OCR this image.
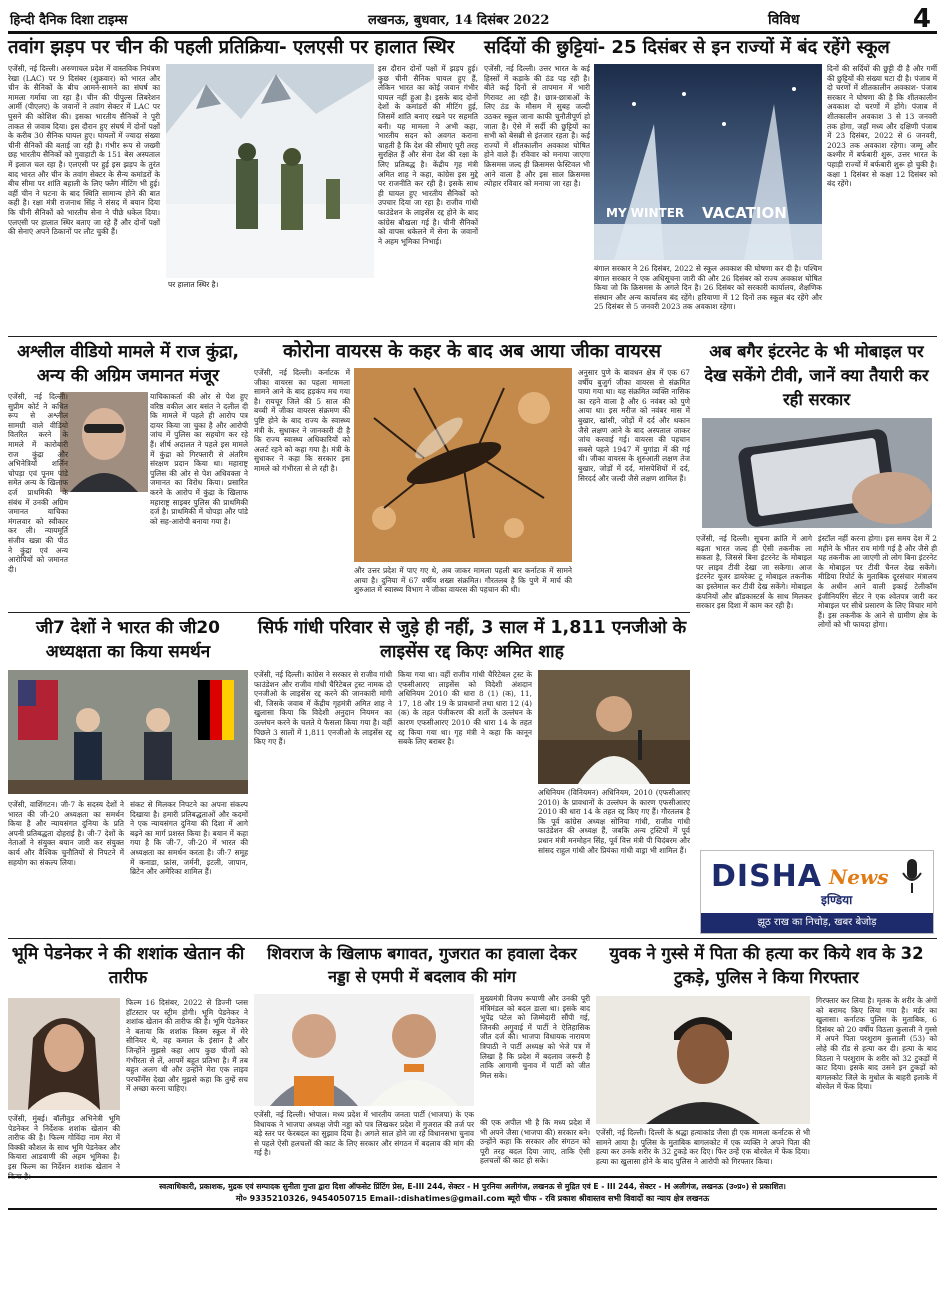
हिन्दी दैनिक दिशा टाइम्स	लखनऊ, बुधवार, 14 दिसंबर 2022	विविध	4
तवांग झड़प पर चीन की पहली प्रतिक्रिया- एलएसी पर हालात स्थिर
एजेंसी, नई दिल्ली। अरुणाचल प्रदेश में वास्तविक नियंत्रण रेखा (LAC) पर 9 दिसंबर (शुक्रवार) को भारत और चीन के सैनिकों के बीच आमने-सामने का संघर्ष का मामला गर्माया जा रहा है। चीन की पीपुल्स लिबरेशन आर्मी (पीएलए) के जवानों ने तवांग सेक्टर में LAC पर घुसने की कोशिश की। इसका भारतीय सैनिकों ने पूरी ताकत से जवाब दिया। इस दौरान हुए संघर्ष में दोनों पक्षों के करीब 30 सैनिक घायल हुए। घायलों में ज्यादा संख्या चीनी सैनिकों की बताई जा रही है। गंभीर रूप से जख्मी छह भारतीय सैनिकों को गुवाहाटी के 151 बेस अस्पताल में इलाज चल रहा है। एलएसी पर हुई इस झड़प के तुरंत बाद भारत और चीन के तवांग सेक्टर के सैन्य कमांडरों के बीच सीमा पर शांति बहाली के लिए फ्लैग मीटिंग भी हुई। वहीं चीन ने घटना के बाद स्थिति सामान्य होने की बात कही है। रक्षा मंत्री राजनाथ सिंह ने संसद में बयान दिया कि चीनी सैनिकों को भारतीय सेना ने पीछे धकेल दिया। एलएसी पर हालात स्थिर बताए जा रहे हैं और दोनों पक्षों की सेनाएं अपने ठिकानों पर लौट चुकी हैं।
पर हालात स्थिर है।
इस दौरान दोनों पक्षों में झड़प हुई। कुछ चीनी सैनिक घायल हुए हैं, लेकिन भारत का कोई जवान गंभीर घायल नहीं हुआ है। इसके बाद दोनों देशों के कमांडरों की मीटिंग हुई, जिसमें शांति बनाए रखने पर सहमति बनी। यह मामला ने अभी कहा, भारतीय सदन को अवगत कराना चाहती है कि देश की सीमाएं पूरी तरह सुरक्षित हैं और सेना देश की रक्षा के लिए प्रतिबद्ध है। केंद्रीय गृह मंत्री अमित शाह ने कहा, कांग्रेस इस मुद्दे पर राजनीति कर रही है। इसके साथ ही घायल हुए भारतीय सैनिकों को उपचार दिया जा रहा है। राजीव गांधी फाउंडेशन के लाइसेंस रद्द होने के बाद कांग्रेस बौखला गई है। चीनी सैनिकों को वापस धकेलने में सेना के जवानों ने अहम भूमिका निभाई।
सर्दियों की छुट्टियां- 25 दिसंबर से इन राज्यों में बंद रहेंगे स्कूल
एजेंसी, नई दिल्ली। उत्तर भारत के कई हिस्सों में कड़ाके की ठंड पड़ रही है। बीते कई दिनों से तापमान में भारी गिरावट आ रही है। छात्र-छात्राओं के लिए ठंड के मौसम में सुबह जल्दी उठकर स्कूल जाना काफी चुनौतीपूर्ण हो जाता है। ऐसे में सर्दी की छुट्टियों का सभी को बेसब्री से इंतजार रहता है। कई राज्यों में शीतकालीन अवकाश घोषित होने वाले हैं। रविवार को मनाया जाएगा क्रिसमस जल्द ही क्रिसमस फेस्टिवल भी आने वाला है और इस साल क्रिसमस त्योहार रविवार को मनाया जा रहा है।
MY WINTER VACATION
बंगाल सरकार ने 26 दिसंबर, 2022 से स्कूल अवकाश की घोषणा कर दी है। पश्चिम बंगाल सरकार ने एक अधिसूचना जारी की और 26 दिसंबर को राज्य अवकाश घोषित किया जो कि क्रिसमस के अगले दिन है। 26 दिसंबर को सरकारी कार्यालय, शैक्षणिक संस्थान और अन्य कार्यालय बंद रहेंगे। हरियाणा में 12 दिनों तक स्कूल बंद रहेंगे और 25 दिसंबर से 5 जनवरी 2023 तक अवकाश रहेगा।
दिनों की सर्दियों की छुट्टी दी है और गर्मी की छुट्टियों की संख्या घटा दी है। पंजाब में दो चरणों में शीतकालीन अवकाश- पंजाब सरकार ने घोषणा की है कि शीतकालीन अवकाश दो चरणों में होंगे। पंजाब में शीतकालीन अवकाश 3 से 13 जनवरी तक होगा, जहाँ मध्य और दक्षिणी पंजाब में 23 दिसंबर, 2022 से 6 जनवरी, 2023 तक अवकाश रहेगा। जम्मू और कश्मीर में बर्फबारी शुरू, उत्तर भारत के पहाड़ी राज्यों में बर्फबारी शुरू हो चुकी है। कक्षा 1 दिसंबर से कक्षा 12 दिसंबर को बंद रहेंगे।
अश्लील वीडियो मामले में राज कुंद्रा, अन्य की अग्रिम जमानत मंजूर
एजेंसी, नई दिल्ली। सुप्रीम कोर्ट ने कथित रूप से अश्लील सामग्री वाले वीडियो वितरित करने के मामले में कारोबारी राज कुंद्रा और अभिनेत्रियों शर्लिन चोपड़ा एवं पूनम पांडे समेत अन्य के खिलाफ दर्ज प्राथमिकी के संबंध में उनकी अग्रिम जमानत याचिका मंगलवार को स्वीकार कर ली। न्यायमूर्ति संजीव खन्ना की पीठ ने कुंद्रा एवं अन्य आरोपियों को जमानत दी।
याचिकाकर्ता की ओर से पेश हुए वरिष्ठ वकील आर बसंत ने दलील दी कि मामले में पहले ही आरोप पत्र दायर किया जा चुका है और आरोपी जांच में पुलिस का सहयोग कर रहे हैं। शीर्ष अदालत ने पहले इस मामले में कुंद्रा को गिरफ्तारी से अंतरिम संरक्षण प्रदान किया था। महाराष्ट्र पुलिस की ओर से पेश अधिवक्ता ने जमानत का विरोध किया। प्रसारित करने के आरोप में कुंद्रा के खिलाफ महाराष्ट्र साइबर पुलिस की प्राथमिकी दर्ज है। प्राथमिकी में चोपड़ा और पांडे को सह-आरोपी बनाया गया है।
कोरोना वायरस के कहर के बाद अब आया जीका वायरस
एजेंसी, नई दिल्ली। कर्नाटक में जीका वायरस का पहला मामला सामने आने के बाद हड़कंप मच गया है। रायचूर जिले की 5 साल की बच्ची में जीका वायरस संक्रमण की पुष्टि होने के बाद राज्य के स्वास्थ्य मंत्री के. सुधाकर ने जानकारी दी है कि राज्य स्वास्थ्य अधिकारियों को अलर्ट रहने को कहा गया है। मंत्री के सुधाकर ने कहा कि सरकार इस मामले को गंभीरता से ले रही है।
और उत्तर प्रदेश में पाए गए थे, अब जाकर मामला पहली बार कर्नाटक में सामने आया है। दुनिया में 67 वर्षीय शख्स संक्रमित। गौरतलब है कि पुणे में मार्च की शुरुआत में स्वास्थ्य विभाग ने जीका वायरस की पहचान की थी।
अनुसार पुणे के बावधन क्षेत्र में एक 67 वर्षीय बुजुर्ग जीका वायरस से संक्रमित पाया गया था। यह संक्रमित व्यक्ति नासिक का रहने वाला है और 6 नवंबर को पुणे आया था। इस मरीज को नवंबर मास में बुखार, खांसी, जोड़ों में दर्द और थकान जैसे लक्षण आने के बाद अस्पताल जाकर जांच करवाई गई। वायरस की पहचान सबसे पहले 1947 में युगांडा में की गई थी। जीका वायरस के शुरुआती लक्षण तेज बुखार, जोड़ों में दर्द, मांसपेशियों में दर्द, सिरदर्द और जल्दी जैसे लक्षण शामिल हैं।
अब बगैर इंटरनेट के भी मोबाइल पर देख सकेंगे टीवी, जानें क्या तैयारी कर रही सरकार
एजेंसी, नई दिल्ली। सूचना क्रांति में आगे बढ़ता भारत जल्द ही ऐसी तकनीक ला सकता है, जिससे बिना इंटरनेट के मोबाइल पर लाइव टीवी देखा जा सकेगा। आज इंटरनेट यूजर डायरेक्ट टू मोबाइल तकनीक का इस्तेमाल कर टीवी देख सकेंगे। मोबाइल कंपनियों और ब्रॉडकास्टर्स के साथ मिलकर सरकार इस दिशा में काम कर रही है।
इंस्टॉल नहीं करना होगा। इस समय देश में 2 महीने के भीतर राय मांगी गई है और जैसे ही यह तकनीक आ जाएगी तो लोग बिना इंटरनेट के मोबाइल पर टीवी चैनल देख सकेंगे। मीडिया रिपोर्ट के मुताबिक दूरसंचार मंत्रालय के अधीन आने वाली इकाई टेलीकॉम इंजीनियरिंग सेंटर ने एक श्वेतपत्र जारी कर मोबाइल पर सीधे प्रसारण के लिए विचार मांगे हैं। इस तकनीक के आने से ग्रामीण क्षेत्र के लोगों को भी फायदा होगा।
जी7 देशों ने भारत की जी20 अध्यक्षता का किया समर्थन
एजेंसी, वाशिंगटन। जी-7 के सदस्य देशों ने भारत की जी-20 अध्यक्षता का समर्थन किया है और न्यायसंगत दुनिया के प्रति अपनी प्रतिबद्धता दोहराई है। जी-7 देशों के नेताओं ने संयुक्त बयान जारी कर संयुक्त कार्य और वैश्विक चुनौतियों से निपटने में सहयोग का संकल्प लिया।
संकट से मिलकर निपटने का अपना संकल्प दिखाया है। हमारी प्रतिबद्धताओं और कदमों ने एक न्यायसंगत दुनिया की दिशा में आगे बढ़ने का मार्ग प्रशस्त किया है। बयान में कहा गया है कि जी-7, जी-20 में भारत की अध्यक्षता का समर्थन करता है। जी-7 समूह में कनाडा, फ्रांस, जर्मनी, इटली, जापान, ब्रिटेन और अमेरिका शामिल हैं।
सिर्फ गांधी परिवार से जुड़े ही नहीं, 3 साल में 1,811 एनजीओ के लाइसेंस रद्द किएः अमित शाह
एजेंसी, नई दिल्ली। कांग्रेस ने सरकार से राजीव गांधी फाउंडेशन और राजीव गांधी चैरिटेबल ट्रस्ट नामक दो एनजीओ के लाइसेंस रद्द करने की जानकारी मांगी थी, जिसके जवाब में केंद्रीय गृहमंत्री अमित शाह ने खुलासा किया कि विदेशी अनुदान नियमन का उल्लंघन करने के चलते ये फैसला किया गया है। वहीं पिछले 3 सालों में 1,811 एनजीओ के लाइसेंस रद्द किए गए हैं।
किया गया था। वहीं राजीव गांधी चैरिटेबल ट्रस्ट के एफसीआरए लाइसेंस को विदेशी अंशदान अधिनियम 2010 की धारा 8 (1) (क), 11, 17, 18 और 19 के प्रावधानों तथा धारा 12 (4) (क) के तहत पंजीकरण की शर्तों के उल्लंघन के कारण एफसीआरए 2010 की धारा 14 के तहत रद्द किया गया था। गृह मंत्री ने कहा कि कानून सबके लिए बराबर है।
अधिनियम (विनियमन) अधिनियम, 2010 (एफसीआरए 2010) के प्रावधानों के उल्लंघन के कारण एफसीआरए 2010 की धारा 14 के तहत रद्द किए गए हैं। गौरतलब है कि पूर्व कांग्रेस अध्यक्ष सोनिया गांधी, राजीव गांधी फाउंडेशन की अध्यक्ष हैं, जबकि अन्य ट्रस्टियों में पूर्व प्रधान मंत्री मनमोहन सिंह, पूर्व वित्त मंत्री पी चिदंबरम और सांसद राहुल गांधी और प्रियंका गांधी वाड्रा भी शामिल हैं।
DISHA News
इण्डिया
झूठ राख का निचोड़, खबर बेजोड़
भूमि पेडनेकर ने की शशांक खेतान की तारीफ
एजेंसी, मुंबई। बॉलीवुड अभिनेत्री भूमि पेडनेकर ने निर्देशक शशांक खेतान की तारीफ की है। फिल्म गोविंदा नाम मेरा में विक्की कौशल के साथ भूमि पेडनेकर और कियारा आडवाणी की अहम भूमिका है। इस फिल्म का निर्देशन शशांक खेतान ने किया है।
फिल्म 16 दिसंबर, 2022 से डिज्नी प्लस हॉटस्टार पर स्ट्रीम होगी। भूमि पेडनेकर ने शशांक खेतान की तारीफ की है। भूमि पेडनेकर ने बताया कि शशांक किस्म स्कूल में मेरे सीनियर थे, वह कमाल के इंसान है और जिन्होंने मुझसे कहा आप कुछ चीजों को गंभीरता से लें, आपमें बहुत प्रतिभा है। मैं तब बहुत अलग थी और उन्होंने मेरा एक लाइव परफॉर्मेंस देखा और मुझसे कहा कि तुम्हें सच में अच्छा करना चाहिए।
शिवराज के खिलाफ बगावत, गुजरात का हवाला देकर नड्डा से एमपी में बदलाव की मांग
एजेंसी, नई दिल्ली। भोपाल। मध्य प्रदेश में भारतीय जनता पार्टी (भाजपा) के एक विधायक ने भाजपा अध्यक्ष जेपी नड्डा को पत्र लिखकर प्रदेश में गुजरात की तर्ज पर बड़े स्तर पर फेरबदल का सुझाव दिया है। अगले साल होने जा रहे विधानसभा चुनाव से पहले ऐसी हलचलों की काट के लिए सरकार और संगठन में बदलाव की मांग की गई है।
मुख्यमंत्री विजय रूपाणी और उनकी पूरी मंत्रिमंडल को बदल डाला था। इसके बाद भूपेंद्र पटेल को जिम्मेदारी सौंपी गई, जिनकी अगुवाई में पार्टी ने ऐतिहासिक जीत दर्ज की। भाजपा विधायक नारायण त्रिपाठी ने पार्टी अध्यक्ष को भेजे पत्र में लिखा है कि प्रदेश में बदलाव जरूरी है ताकि आगामी चुनाव में पार्टी को जीत मिल सके।
की एक अपील भी है कि मध्य प्रदेश में भी अपने जैसा (भाजपा की) सरकार बने। उन्होंने कहा कि सरकार और संगठन को पूरी तरह बदल दिया जाए, ताकि ऐसी हलचलों की काट हो सके।
युवक ने गुस्से में पिता की हत्या कर किये शव के 32 टुकड़े, पुलिस ने किया गिरफ्तार
एजेंसी, नई दिल्ली। दिल्ली के श्रद्धा हत्याकांड जैसा ही एक मामला कर्नाटक से भी सामने आया है। पुलिस के मुताबिक बागलकोट में एक व्यक्ति ने अपने पिता की हत्या कर उनके शरीर के 32 टुकड़े कर दिए। फिर उन्हें एक बोरवेल में फेंक दिया। हत्या का खुलासा होने के बाद पुलिस ने आरोपी को गिरफ्तार किया।
गिरफ्तार कर लिया है। मृतक के शरीर के अंगों को बरामद किए लिया गया है। मर्डर का खुलासा। कर्नाटक पुलिस के मुताबिक, 6 दिसंबर को 20 वर्षीय विठला कुलाली ने गुस्से में अपने पिता परशुराम कुलाली (53) को लोहे की रॉड से हत्या कर दी। हत्या के बाद विठला ने परशुराम के शरीर को 32 टुकड़ों में काट दिया। इसके बाद उसने इन टुकड़ों को बागलकोट जिले के मुधोल के बाहरी इलाके में बोरवेल में फेंक दिया।
स्वत्वाधिकारी, प्रकाशक, मुद्रक एवं सम्पादक सुनीता गुप्ता द्वारा दिशा ऑफसेट प्रिंटिंग प्रेस, E-III 244, सेक्टर - H पुरनिया अलीगंज, लखनऊ से मुद्रित एवं E - III 244, सेक्टर - H अलीगंज, लखनऊ (उ०प्र०) से प्रकाशित।
मो० 9335210326, 9454050715 Email-:dishatimes@gmail.com ब्यूरो चीफ - रवि प्रकाश श्रीवास्तव सभी विवादों का न्याय क्षेत्र लखनऊ
